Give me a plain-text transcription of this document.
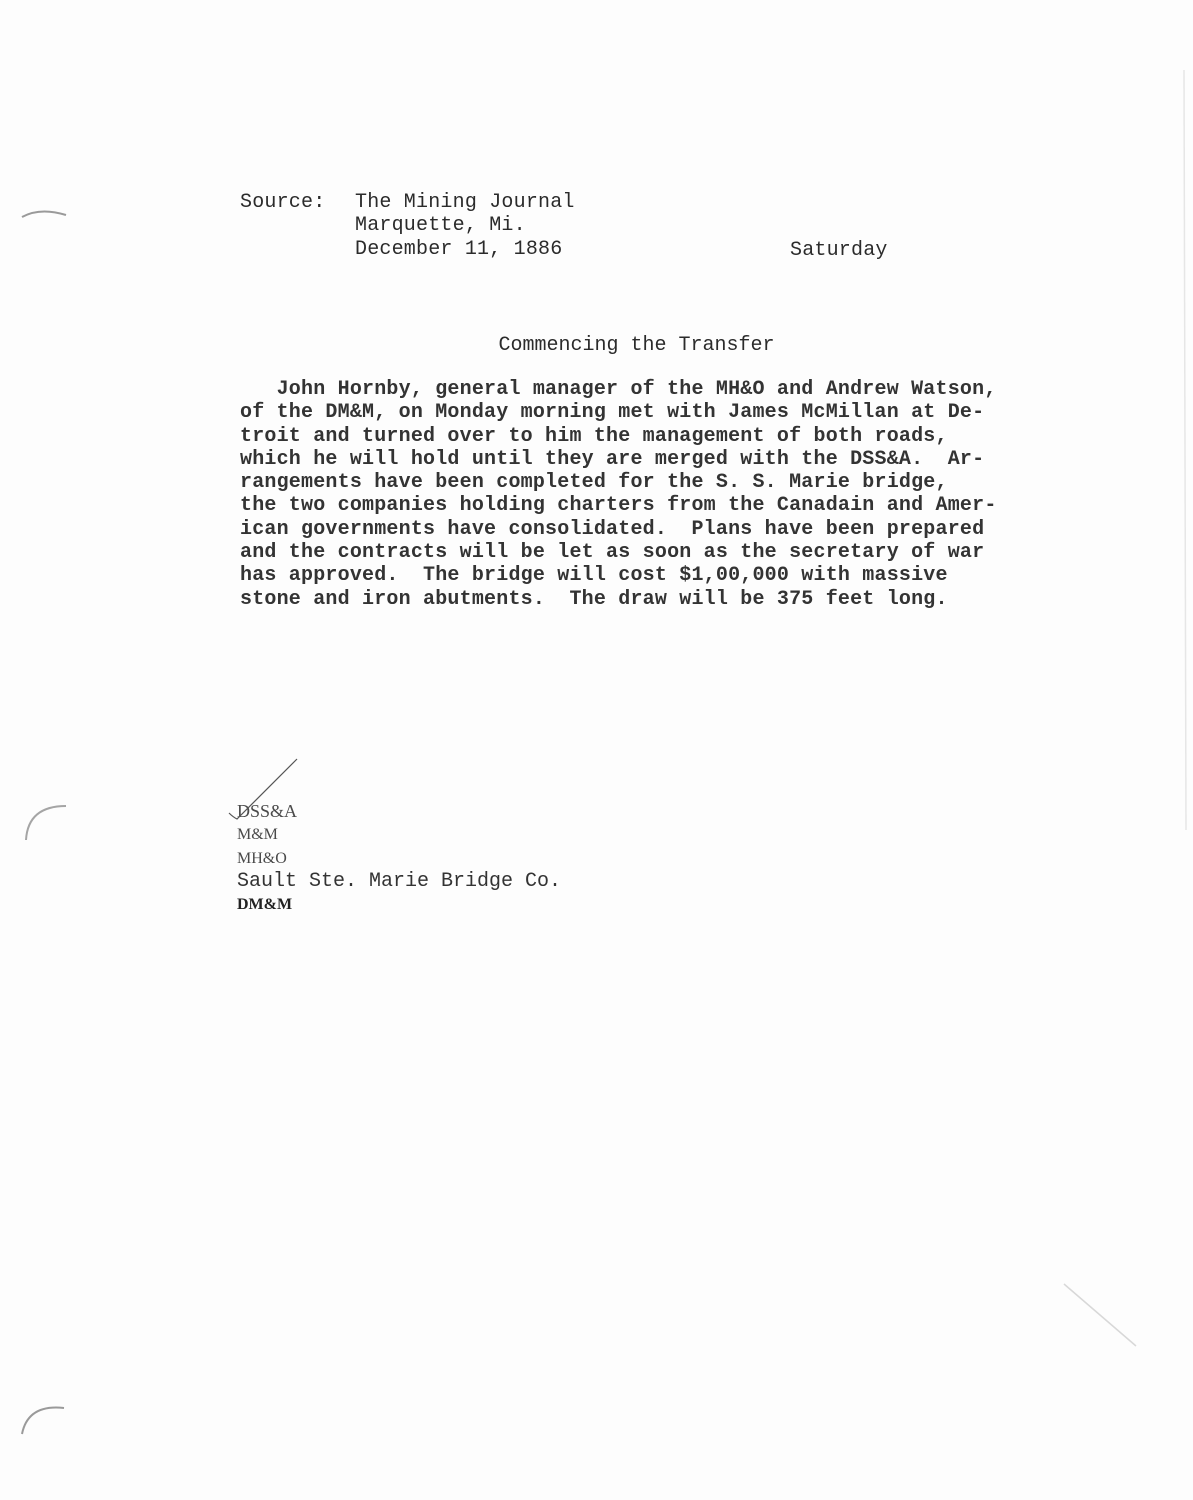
Source: The Mining Journal
Marquette, Mi.
December 11, 1886	Saturday
Commencing the Transfer
John Hornby, general manager of the MH&O and Andrew Watson,
of the DM&M, on Monday morning met with James McMillan at De-
troit and turned over to him the management of both roads,
which he will hold until they are merged with the DSS&A.  Ar-
rangements have been completed for the S. S. Marie bridge,
the two companies holding charters from the Canadain and Amer-
ican governments have consolidated.  Plans have been prepared
and the contracts will be let as soon as the secretary of war
has approved.  The bridge will cost $1,00,000 with massive
stone and iron abutments.  The draw will be 375 feet long.
DSS&A
M&M
MH&O
Sault Ste. Marie Bridge Co.
DM&M
